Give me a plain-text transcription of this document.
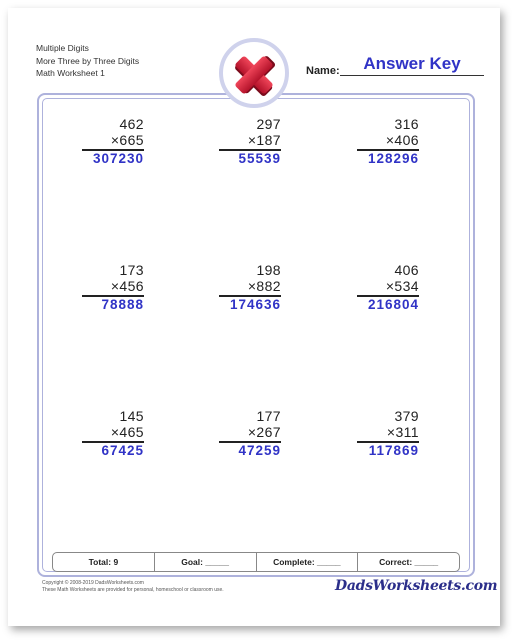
Multiple Digits
More Three by Three Digits
Math Worksheet 1	Name:	Answer Key
462
×665
307230
297
×187
55539
316
×406
128296
173
×456
78888
198
×882
174636
406
×534
216804
145
×465
67425
177
×267
47259
379
×311
117869
Total: 9	Goal: _____	Complete: _____	Correct: _____
Copyright © 2008-2019 DadsWorksheets.com
These Math Worksheets are provided for personal, homeschool or classroom use.	DadsWorksheets.com
